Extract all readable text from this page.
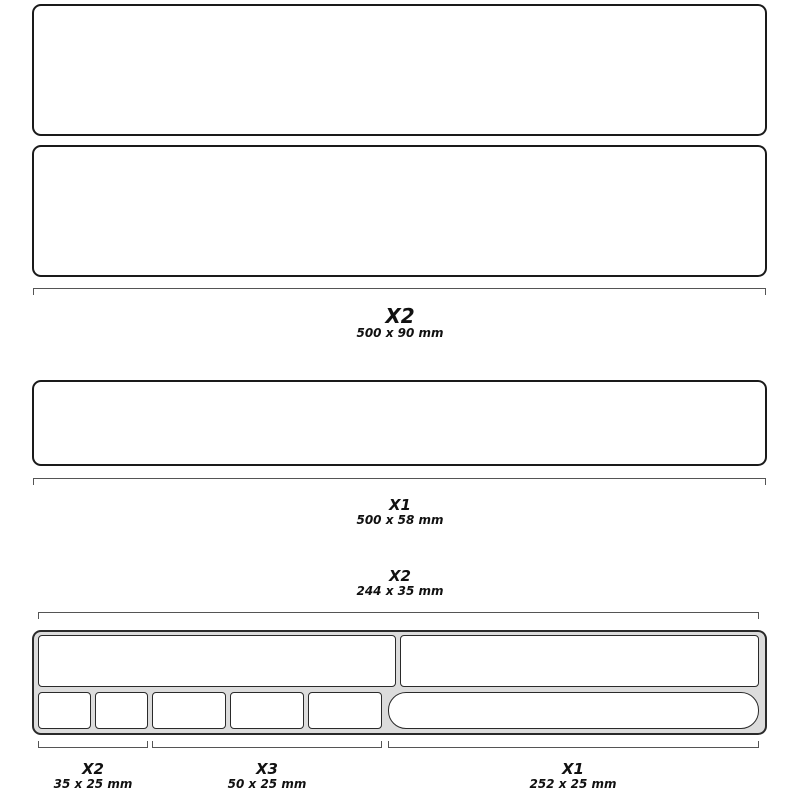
X2
500 x 90 mm
X1
500 x 58 mm
X2
244 x 35 mm
X2
35 x 25 mm
X3
50 x 25 mm
X1
252 x 25 mm
